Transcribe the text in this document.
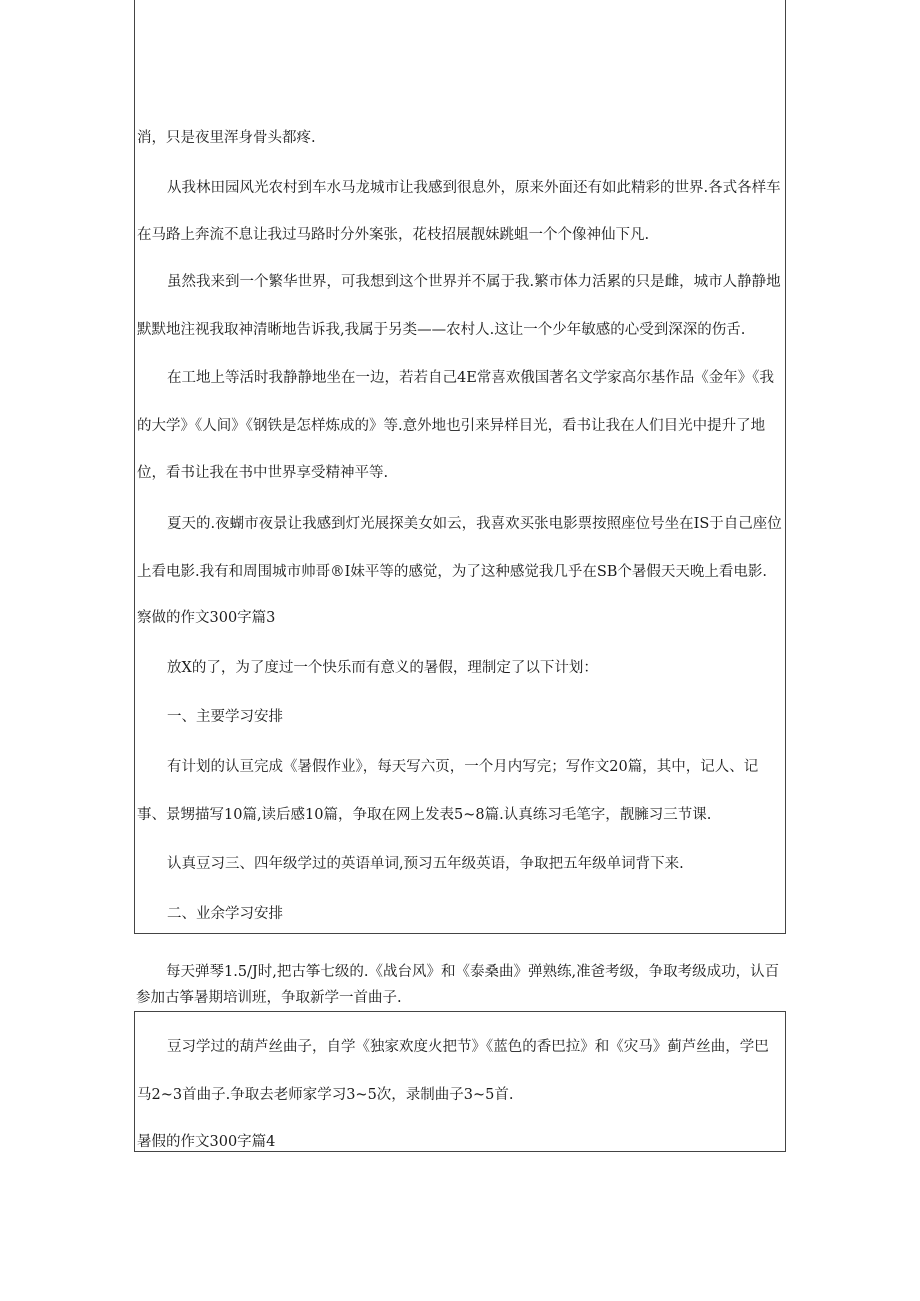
消，只是夜里浑身骨头都疼.
从我林田园风光农村到车水马龙城市让我感到很息外，原来外面还有如此精彩的世界.各式各样车
在马路上奔流不息让我过马路时分外案张，花枝招展靓妹跳蛆一个个像神仙下凡.
虽然我来到一个繁华世界，可我想到这个世界并不属于我.繁市体力活累的只是雌，城市人静静地
默默地注视我取神清晰地告诉我,我属于另类——农村人.这让一个少年敏感的心受到深深的伤舌.
在工地上等活时我静静地坐在一边，若若自己4E常喜欢俄国著名文学家高尔基作品《金年》《我
的大学》《人间》《钢铁是怎样炼成的》等.意外地也引来异样目光，看书让我在人们目光中提升了地
位，看书让我在书中世界享受精神平等.
夏天的.夜蝴市夜景让我感到灯光展探美女如云，我喜欢买张电影票按照座位号坐在IS于自己座位
上看电影.我有和周围城市帅哥®I妹平等的感觉，为了这种感觉我几乎在SB个暑假天天晚上看电影.
察做的作文300字篇3
放X的了，为了度过一个快乐而有意义的暑假，理制定了以下计划：
一、主要学习安排
有计划的认亘完成《暑假作业》，每天写六页，一个月内写完；写作文20篇，其中，记人、记
事、景甥描写10篇,读后感10篇，争取在网上发表5~8篇.认真练习毛笔字，靓臃习三节课.
认真豆习三、四年级学过的英语单词,预习五年级英语，争取把五年级单词背下来.
二、业余学习安排
每天弹琴1.5/J时,把古筝七级的.《战台风》和《泰桑曲》弹熟练,准爸考级，争取考级成功，认百
参加古筝暑期培训班，争取新学一首曲子.
豆习学过的葫芦丝曲子，自学《独家欢度火把节》《蓝色的香巴拉》和《灾马》蓟芦丝曲，学巴
马2~3首曲子.争取去老师家学习3~5次，录制曲子3~5首.
暑假的作文300字篇4
